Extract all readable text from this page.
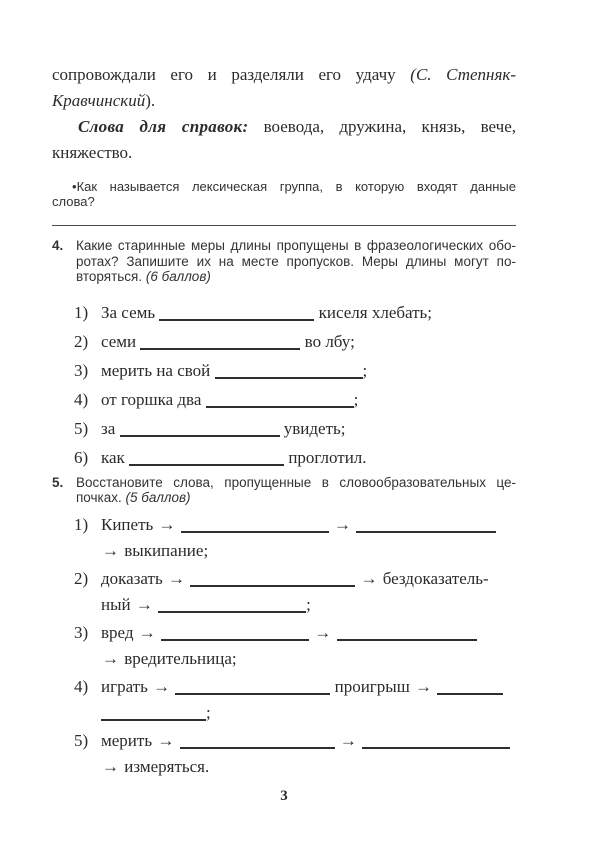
сопровождали его и разделяли его удачу (С. Степняк-
Кравчинский).
Слова для справок: воевода, дружина, князь, вече,
княжество.
•Как называется лексическая группа, в которую входят данные
слова?
4. Какие старинные меры длины пропущены в фразеологических обо-
ротах? Запишите их на месте пропусков. Меры длины могут по-
вторяться. (6 баллов)
1) За семь	киселя хлебать;
2) семи	во лбу;
3) мерить на свой	;
4) от горшка два	;
5) за	увидеть;
6) как	проглотил.
5. Восстановите слова, пропущенные в словообразовательных це-
почках. (5 баллов)
1) Кипеть →	→
→ выкипание;
2) доказать →	→ бездоказатель-
ный →	;
3) вред →	→
→ вредительница;
4) играть →	проигрыш →
;
5) мерить →	→
→ измеряться.
3
